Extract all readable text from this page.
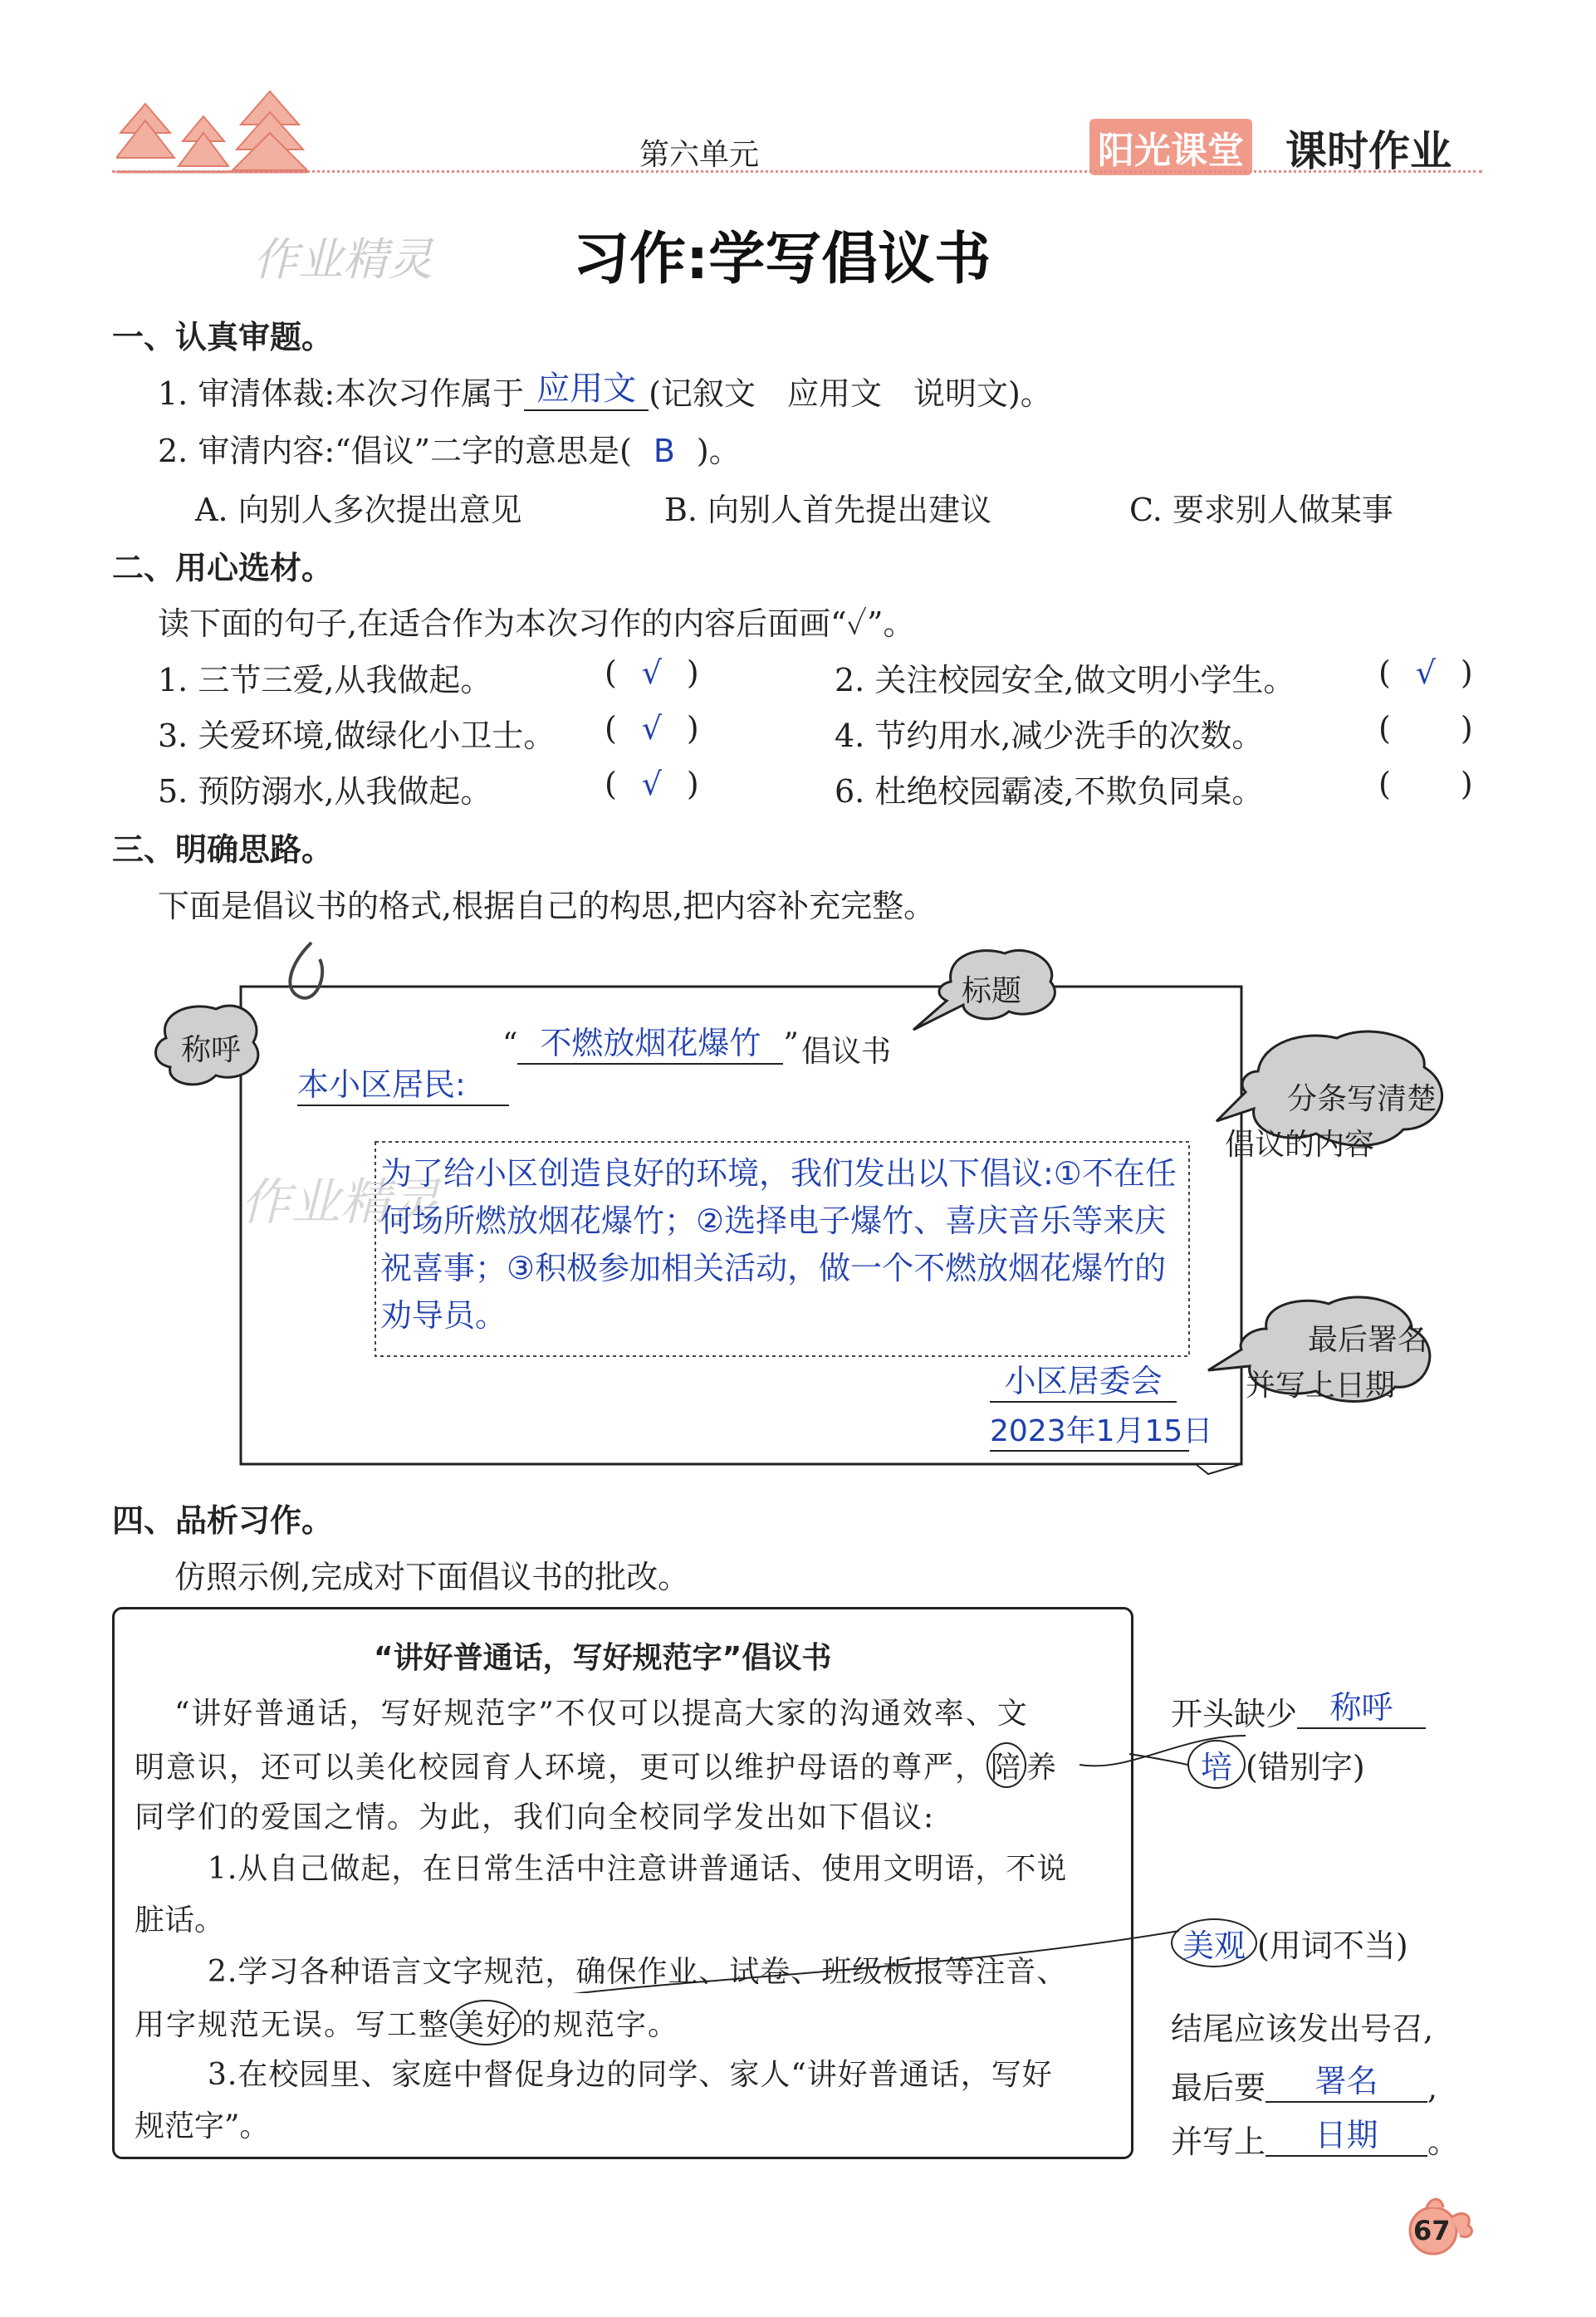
第六单元	阳光课堂 课时作业
作业精灵 习作:学写倡议书
一、认真审题。
1. 审清体裁:本次习作属于 应用文 (记叙文　应用文　说明文)。
2. 审清内容:“倡议”二字的意思是( B )。
A. 向别人多次提出意见	B. 向别人首先提出建议	C. 要求别人做某事
二、用心选材。
读下面的句子,在适合作为本次习作的内容后面画“✓”。
1. 三节三爱,从我做起。	( √ )	2. 关注校园安全,做文明小学生。	( √ )
3. 关爱环境,做绿化小卫士。 ( √ )	4. 节约用水,减少洗手的次数。	( )
5. 预防溺水,从我做起。	( √ )	6. 杜绝校园霸凌,不欺负同桌。	( )
三、明确思路。
下面是倡议书的格式,根据自己的构思,把内容补充完整。
作业精灵
称呼
标题
分条写清楚
倡议的内容
最后署名
并写上日期
“ 不燃放烟花爆竹 ” 倡议书
本小区居民:
为了给小区创造良好的环境，我们发出以下倡议:①不在任何场所燃放烟花爆竹；②选择电子爆竹、喜庆音乐等来庆祝喜事；③积极参加相关活动，做一个不燃放烟花爆竹的劝导员。
小区居委会
2023年1月15日
四、品析习作。
仿照示例,完成对下面倡议书的批改。
“讲好普通话，写好规范字”倡议书
“讲好普通话，写好规范字”不仅可以提高大家的沟通效率、文
明意识，还可以美化校园育人环境，更可以维护母语的尊严， 陪 养
同学们的爱国之情。为此，我们向全校同学发出如下倡议:
1.从自己做起，在日常生活中注意讲普通话、使用文明语，不说
脏话。
2.学习各种语言文字规范，确保作业、试卷、班级板报等注音、
用字规范无误。写工整 美好 的规范字。
3.在校园里、家庭中督促身边的同学、家人“讲好普通话，写好
规范字”。
开头缺少 称呼
培 (错别字)
美观 (用词不当)
结尾应该发出号召,
最后要 署名 ,
并写上 日期 。
67
